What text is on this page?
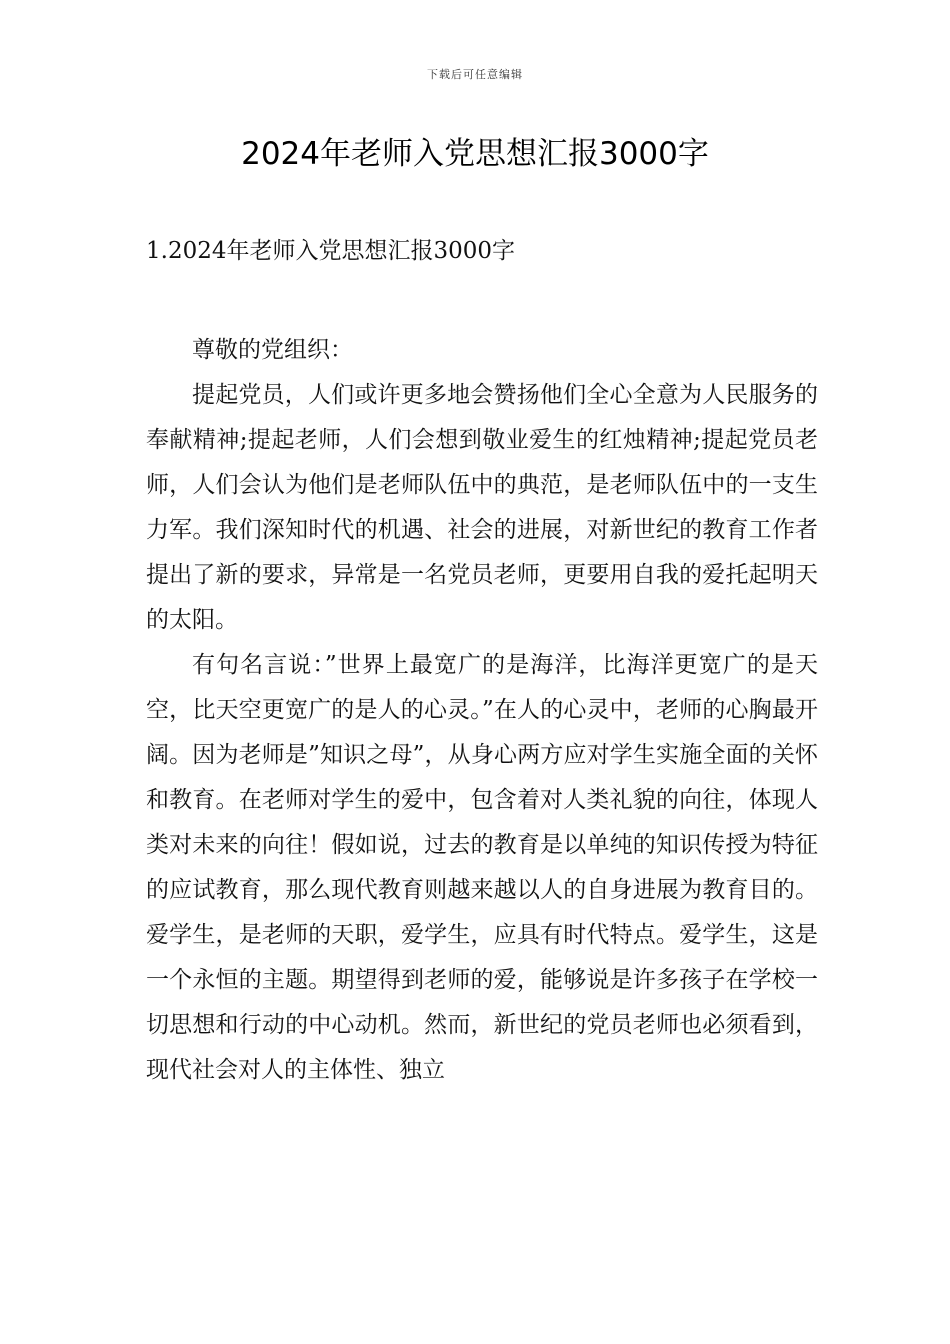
下载后可任意编辑
2024年老师入党思想汇报3000字
1.2024年老师入党思想汇报3000字

尊敬的党组织：

提起党员，人们或许更多地会赞扬他们全心全意为人民服务的奉献精神;提起老师，人们会想到敬业爱生的红烛精神;提起党员老师，人们会认为他们是老师队伍中的典范，是老师队伍中的一支生力军。我们深知时代的机遇、社会的进展，对新世纪的教育工作者提出了新的要求，异常是一名党员老师，更要用自我的爱托起明天的太阳。

有句名言说：”世界上最宽广的是海洋，比海洋更宽广的是天空，比天空更宽广的是人的心灵。”在人的心灵中，老师的心胸最开阔。因为老师是”知识之母”，从身心两方应对学生实施全面的关怀和教育。在老师对学生的爱中，包含着对人类礼貌的向往，体现人类对未来的向往！假如说，过去的教育是以单纯的知识传授为特征的应试教育，那么现代教育则越来越以人的自身进展为教育目的。爱学生，是老师的天职，爱学生，应具有时代特点。爱学生，这是一个永恒的主题。期望得到老师的爱，能够说是许多孩子在学校一切思想和行动的中心动机。然而，新世纪的党员老师也必须看到，现代社会对人的主体性、独立
